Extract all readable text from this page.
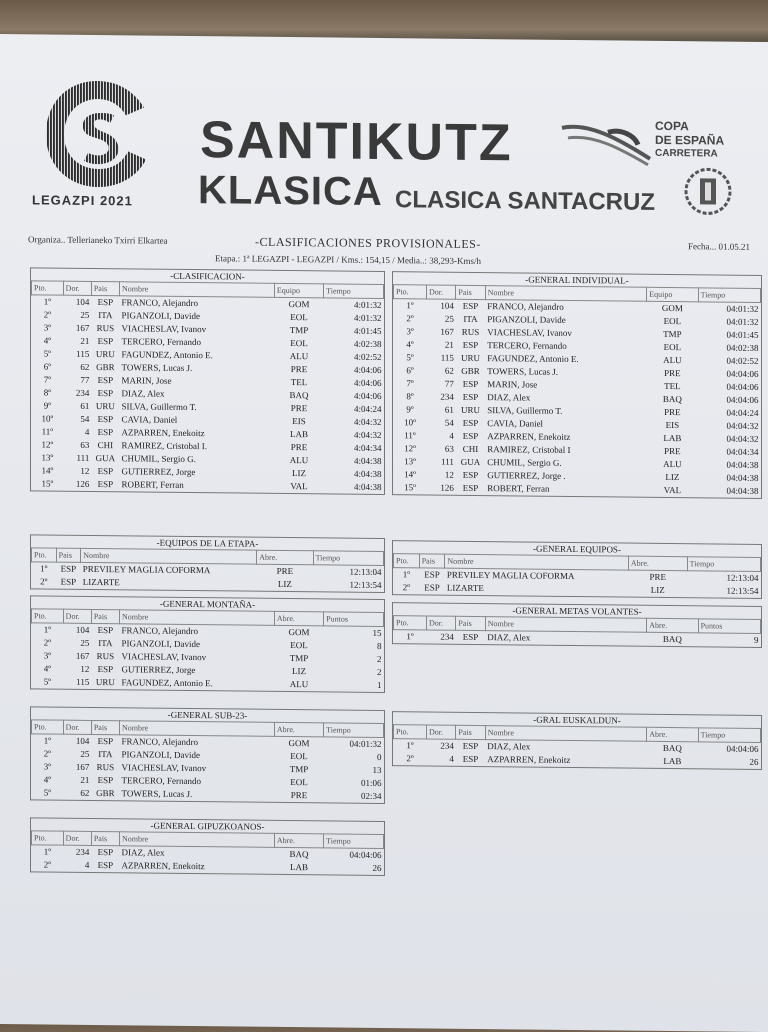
LEGAZPI 2021
SANTIKUTZ
KLASICA CLASICA SANTACRUZ
COPA
DE ESPAÑA
CARRETERA
Organiza.. Tellerianeko Txirri Elkartea	-CLASIFICACIONES PROVISIONALES-	Fecha... 01.05.21
Etapa.: 1ª LEGAZPI - LEGAZPI / Kms.: 154,15 / Media..: 38,293-Kms/h
-CLASIFICACION-
Pto.	Dor.	Pais	Nombre	Equipo	Tiempo
1º	104	ESP	FRANCO, Alejandro	GOM	4:01:32
2º	25	ITA	PIGANZOLI, Davide	EOL	4:01:32
3º	167	RUS	VIACHESLAV, Ivanov	TMP	4:01:45
4º	21	ESP	TERCERO, Fernando	EOL	4:02:38
5º	115	URU	FAGUNDEZ, Antonio E.	ALU	4:02:52
6º	62	GBR	TOWERS, Lucas J.	PRE	4:04:06
7º	77	ESP	MARIN, Jose	TEL	4:04:06
8º	234	ESP	DIAZ, Alex	BAQ	4:04:06
9º	61	URU	SILVA, Guillermo T.	PRE	4:04:24
10º	54	ESP	CAVIA, Daniel	EIS	4:04:32
11º	4	ESP	AZPARREN, Enekoitz	LAB	4:04:32
12º	63	CHI	RAMIREZ, Cristobal I.	PRE	4:04:34
13º	111	GUA	CHUMIL, Sergio G.	ALU	4:04:38
14º	12	ESP	GUTIERREZ, Jorge	LIZ	4:04:38
15º	126	ESP	ROBERT, Ferran	VAL	4:04:38
-GENERAL INDIVIDUAL-
Pto.	Dor.	Pais	Nombre	Equipo	Tiempo
1º	104	ESP	FRANCO, Alejandro	GOM	04:01:32
2º	25	ITA	PIGANZOLI, Davide	EOL	04:01:32
3º	167	RUS	VIACHESLAV, Ivanov	TMP	04:01:45
4º	21	ESP	TERCERO, Fernando	EOL	04:02:38
5º	115	URU	FAGUNDEZ, Antonio E.	ALU	04:02:52
6º	62	GBR	TOWERS, Lucas J.	PRE	04:04:06
7º	77	ESP	MARIN, Jose	TEL	04:04:06
8º	234	ESP	DIAZ, Alex	BAQ	04:04:06
9º	61	URU	SILVA, Guillermo T.	PRE	04:04:24
10º	54	ESP	CAVIA, Daniel	EIS	04:04:32
11º	4	ESP	AZPARREN, Enekoitz	LAB	04:04:32
12º	63	CHI	RAMIREZ, Cristobal I	PRE	04:04:34
13º	111	GUA	CHUMIL, Sergio G.	ALU	04:04:38
14º	12	ESP	GUTIERREZ, Jorge .	LIZ	04:04:38
15º	126	ESP	ROBERT, Ferran	VAL	04:04:38
-EQUIPOS DE LA ETAPA-
Pto.	Pais	Nombre	Abre.	Tiempo
1º	ESP	PREVILEY MAGLIA COFORMA	PRE	12:13:04
2º	ESP	LIZARTE	LIZ	12:13:54
-GENERAL EQUIPOS-
Pto.	Pais	Nombre	Abre.	Tiempo
1º	ESP	PREVILEY MAGLIA COFORMA	PRE	12:13:04
2º	ESP	LIZARTE	LIZ	12:13:54
-GENERAL MONTAÑA-
Pto.	Dor.	Pais	Nombre	Abre.	Puntos
1º	104	ESP	FRANCO, Alejandro	GOM	15
2º	25	ITA	PIGANZOLI, Davide	EOL	8
3º	167	RUS	VIACHESLAV, Ivanov	TMP	2
4º	12	ESP	GUTIERREZ, Jorge	LIZ	2
5º	115	URU	FAGUNDEZ, Antonio E.	ALU	1
-GENERAL METAS VOLANTES-
Pto.	Dor.	Pais	Nombre	Abre.	Puntos
1º	234	ESP	DIAZ, Alex	BAQ	9
-GENERAL SUB-23-
Pto.	Dor.	Pais	Nombre	Abre.	Tiempo
1º	104	ESP	FRANCO, Alejandro	GOM	04:01:32
2º	25	ITA	PIGANZOLI, Davide	EOL	0
3º	167	RUS	VIACHESLAV, Ivanov	TMP	13
4º	21	ESP	TERCERO, Fernando	EOL	01:06
5º	62	GBR	TOWERS, Lucas J.	PRE	02:34
-GRAL EUSKALDUN-
Pto.	Dor.	Pais	Nombre	Abre.	Tiempo
1º	234	ESP	DIAZ, Alex	BAQ	04:04:06
2º	4	ESP	AZPARREN, Enekoitz	LAB	26
-GENERAL GIPUZKOANOS-
Pto.	Dor.	Pais	Nombre	Abre.	Tiempo
1º	234	ESP	DIAZ, Alex	BAQ	04:04:06
2º	4	ESP	AZPARREN, Enekoitz	LAB	26
